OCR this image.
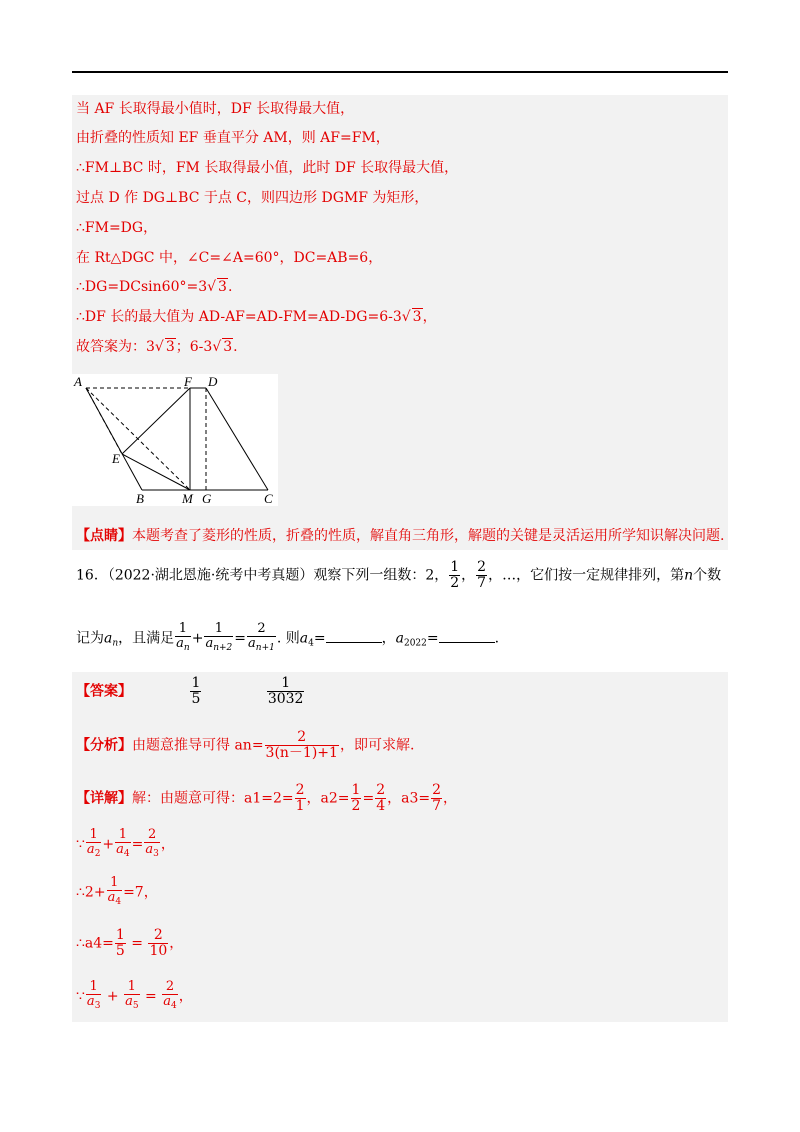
当 AF 长取得最小值时，DF 长取得最大值，
由折叠的性质知 EF 垂直平分 AM，则 AF=FM，
∴FM⊥BC 时，FM 长取得最小值，此时 DF 长取得最大值，
过点 D 作 DG⊥BC 于点 C，则四边形 DGMF 为矩形，
∴FM=DG，
在 Rt△DGC 中，∠C=∠A=60°，DC=AB=6，
∴DG=DCsin60°=3√ 3.
∴DF 长的最大值为 AD-AF=AD-FM=AD-DG=6-3√ 3，
故答案为：3√ 3；6-3√ 3.
A	F D
E
B	M G	C
【点睛】本题考查了菱形的性质，折叠的性质，解直角三角形，解题的关键是灵活运用所学知识解决问题.
16．（2022·湖北恩施·统考中考真题）观察下列一组数：2， $\frac{1}{2}$ ， $\frac{2}{7}$ ，…，它们按一定规律排列，第n个数
记为$a_n$，且满足 $\frac{1}{a_n} + \frac{1}{a_{n+2}} = \frac{2}{a_{n+1}}$ . 则$a_4=$	，$a_{2022}=$	.
【答案】	$\frac{1}{5}$
	$\frac{1}{3032}$
【分析】由题意推导可得 $an= \frac{2}{3(n-1)+1}$ ，即可求解.
【详解】解：由题意可得：$a1=2= \frac{2}{1}$ ，$a2= \frac{1}{2} = \frac{2}{4}$ ，$a3= \frac{2}{7}$ ，
∵ $\frac{1}{a_2} + \frac{1}{a_4} = \frac{2}{a_3}$ ，
∴2+ $\frac{1}{a_4} =7$，
∴a4= $\frac{1}{5} = \frac{2}{10}$ ，
∵ $\frac{1}{a_3} + \frac{1}{a_5} = \frac{2}{a_4}$ ，
